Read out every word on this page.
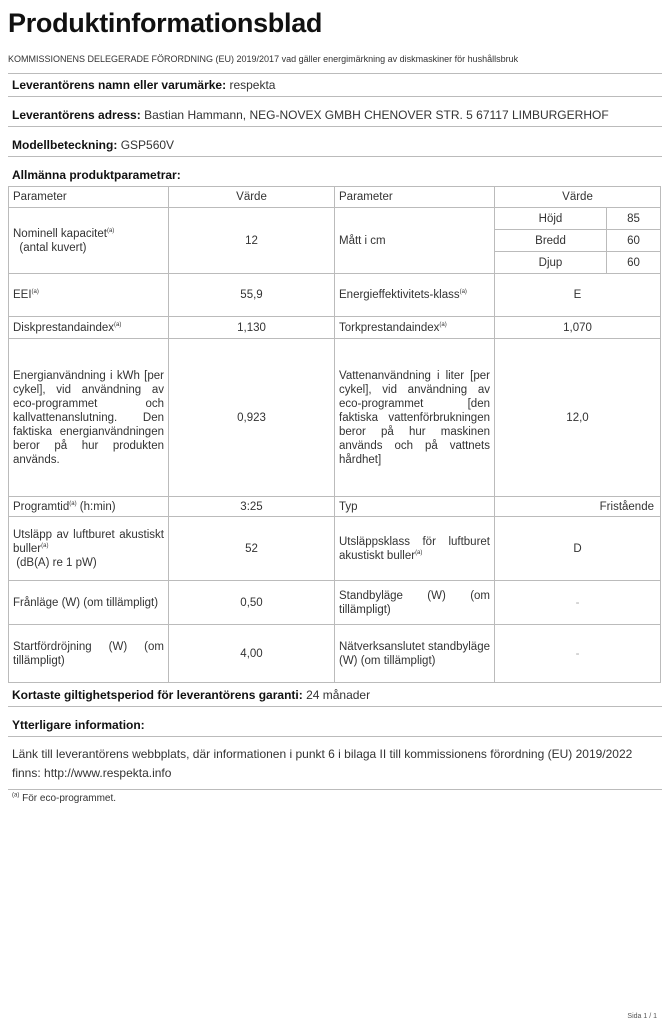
Produktinformationsblad
KOMMISSIONENS DELEGERADE FÖRORDNING (EU) 2019/2017 vad gäller energimärkning av diskmaskiner för hushållsbruk
Leverantörens namn eller varumärke: respekta
Leverantörens adress: Bastian Hammann, NEG-NOVEX GMBH CHENOVER STR. 5 67117 LIMBURGERHOF
Modellbeteckning: GSP560V
Allmänna produktparametrar:
Parameter	Värde	Parameter	Värde
Nominell kapacitet$^{(a)}$
(antal kuvert)	12	Mått i cm	
Höjd	85
Bredd	60
Djup	60

EEI$^{(a)}$	55,9	Energieffektivitets-klass$^{(a)}$	E
Diskprestandaindex$^{(a)}$	1,130	Torkprestandaindex$^{(a)}$	1,070
Energianvändning i kWh [per cykel], vid användning av eco-programmet och kallvattenanslutning. Den faktiska energianvändningen beror på hur produkten används.	0,923	Vattenanvändning i liter [per cykel], vid användning av eco-programmet [den faktiska vattenförbrukningen beror på hur maskinen används och på vattnets hårdhet]	12,0
Programtid$^{(a)}$ (h:min)	3:25	Typ	Fristående
Utsläpp av luftburet akustiskt buller$^{(a)}$
(dB(A) re 1 pW)	52	Utsläppsklass för luftburet akustiskt buller$^{(a)}$	D
Frånläge (W) (om tillämpligt)	0,50	Standbyläge (W) (om tillämpligt)	-
Startfördröjning (W) (om tillämpligt)	4,00	Nätverksanslutet standbyläge (W) (om tillämpligt)	-
Kortaste giltighetsperiod för leverantörens garanti: 24 månader
Ytterligare information:
Länk till leverantörens webbplats, där informationen i punkt 6 i bilaga II till kommissionens förordning (EU) 2019/2022 finns: http://www.respekta.info
$^{(a)}$ För eco-programmet.
Sida 1 / 1
